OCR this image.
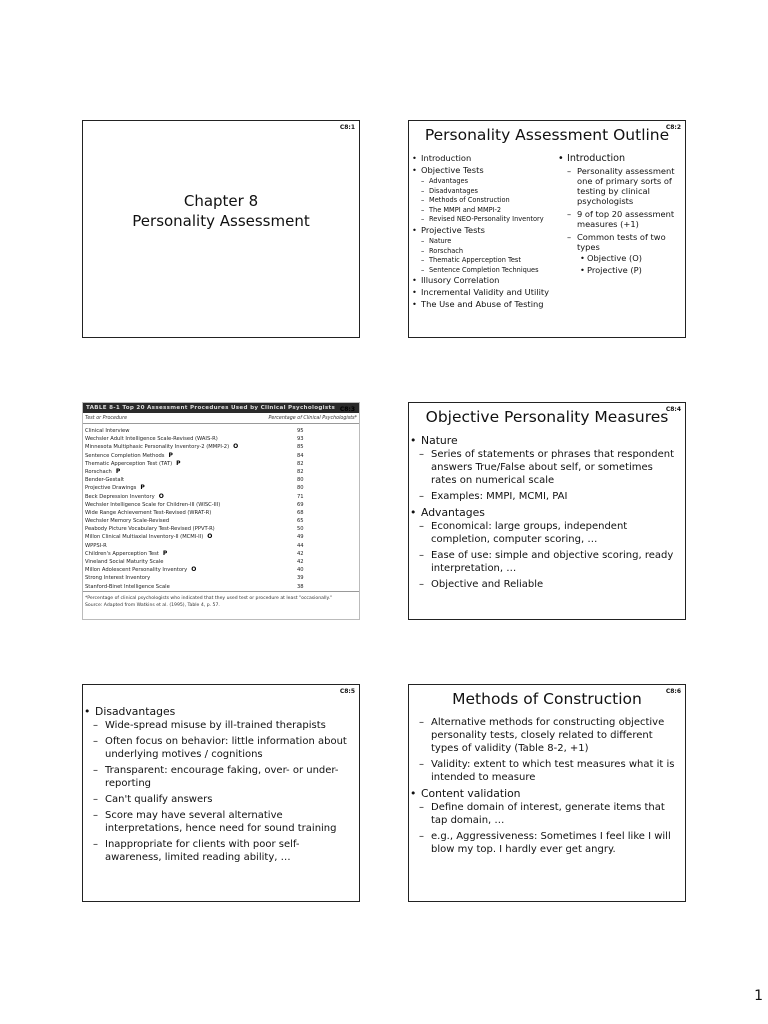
C8:1
Chapter 8
Personality Assessment
C8:2
Personality Assessment Outline
• Introduction
• Objective Tests
– Advantages
– Disadvantages
– Methods of Construction
– The MMPI and MMPI-2
– Revised NEO-Personality Inventory
• Projective Tests
– Nature
– Rorschach
– Thematic Apperception Test
– Sentence Completion Techniques
• Illusory Correlation
• Incremental Validity and Utility
• The Use and Abuse of Testing
• Introduction
– Personality assessment one of primary sorts of testing by clinical psychologists
– 9 of top 20 assessment measures (+1)
– Common tests of two types
• Objective (O)
• Projective (P)
C8:3
TABLE 8-1 Top 20 Assessment Procedures Used by Clinical Psychologists
Test or Procedure	Percentage of Clinical Psychologists*
Clinical Interview	95
Wechsler Adult Intelligence Scale-Revised (WAIS-R)	93
Minnesota Multiphasic Personality Inventory-2 (MMPI-2) O	85
Sentence Completion Methods P	84
Thematic Apperception Test (TAT) P	82
Rorschach P	82
Bender-Gestalt	80
Projective Drawings P	80
Beck Depression Inventory O	71
Wechsler Intelligence Scale for Children-III (WISC-III)	69
Wide Range Achievement Test-Revised (WRAT-R)	68
Wechsler Memory Scale-Revised	65
Peabody Picture Vocabulary Test-Revised (PPVT-R)	50
Millon Clinical Multiaxial Inventory-II (MCMI-II) O	49
WPPSI-R	44
Children's Apperception Test P	42
Vineland Social Maturity Scale	42
Millon Adolescent Personality Inventory O	40
Strong Interest Inventory	39
Stanford-Binet Intelligence Scale	38
*Percentage of clinical psychologists who indicated that they used test or procedure at least "occasionally."
Source: Adapted from Watkins et al. (1995), Table 4, p. 57.
C8:4
Objective Personality Measures
• Nature
– Series of statements or phrases that respondent answers True/False about self, or sometimes rates on numerical scale
– Examples: MMPI, MCMI, PAI
• Advantages
– Economical: large groups, independent completion, computer scoring, …
– Ease of use: simple and objective scoring, ready interpretation, …
– Objective and Reliable
C8:5
• Disadvantages
– Wide-spread misuse by ill-trained therapists
– Often focus on behavior: little information about underlying motives / cognitions
– Transparent: encourage faking, over- or under-reporting
– Can't qualify answers
– Score may have several alternative interpretations, hence need for sound training
– Inappropriate for clients with poor self-awareness, limited reading ability, …
C8:6
Methods of Construction
– Alternative methods for constructing objective personality tests, closely related to different types of validity (Table 8-2, +1)
– Validity: extent to which test measures what it is intended to measure
• Content validation
– Define domain of interest, generate items that tap domain, …
– e.g., Aggressiveness: Sometimes I feel like I will blow my top. I hardly ever get angry.
1
